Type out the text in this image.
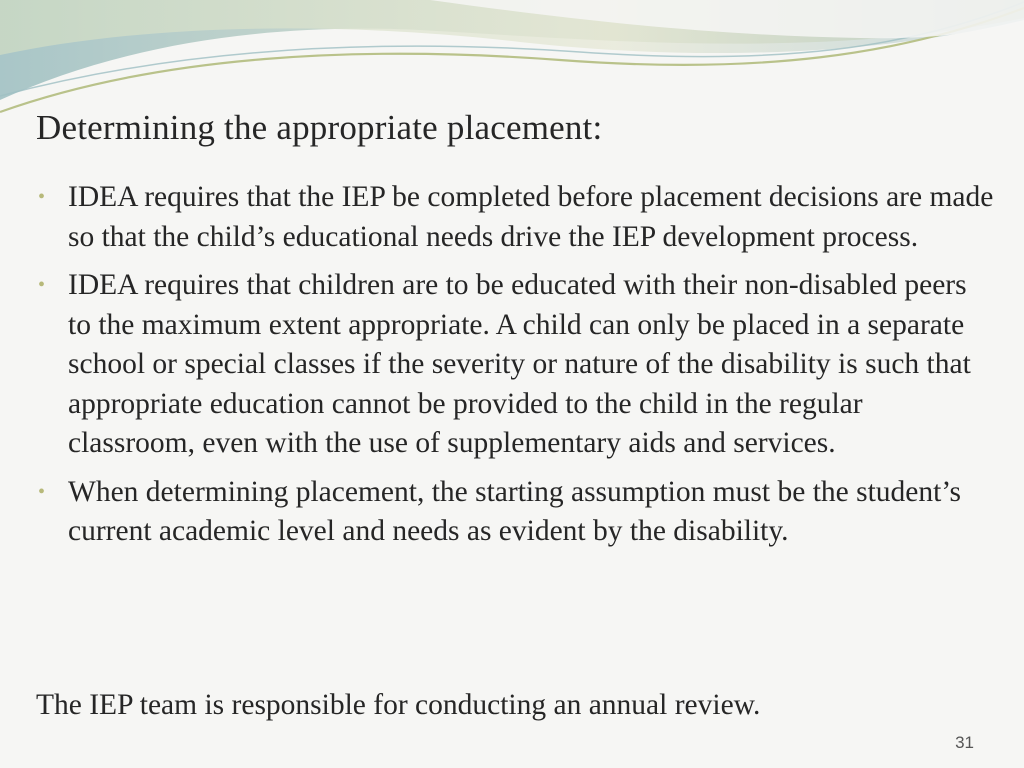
Determining the appropriate placement:
• IDEA requires that the IEP be completed before placement decisions are made so that the child’s educational needs drive the IEP development process.
• IDEA requires that children are to be educated with their non-disabled peers to the maximum extent appropriate. A child can only be placed in a separate school or special classes if the severity or nature of the disability is such that appropriate education cannot be provided to the child in the regular classroom, even with the use of supplementary aids and services.
• When determining placement, the starting assumption must be the student’s current academic level and needs as evident by the disability.

The IEP team is responsible for conducting an annual review.

31
